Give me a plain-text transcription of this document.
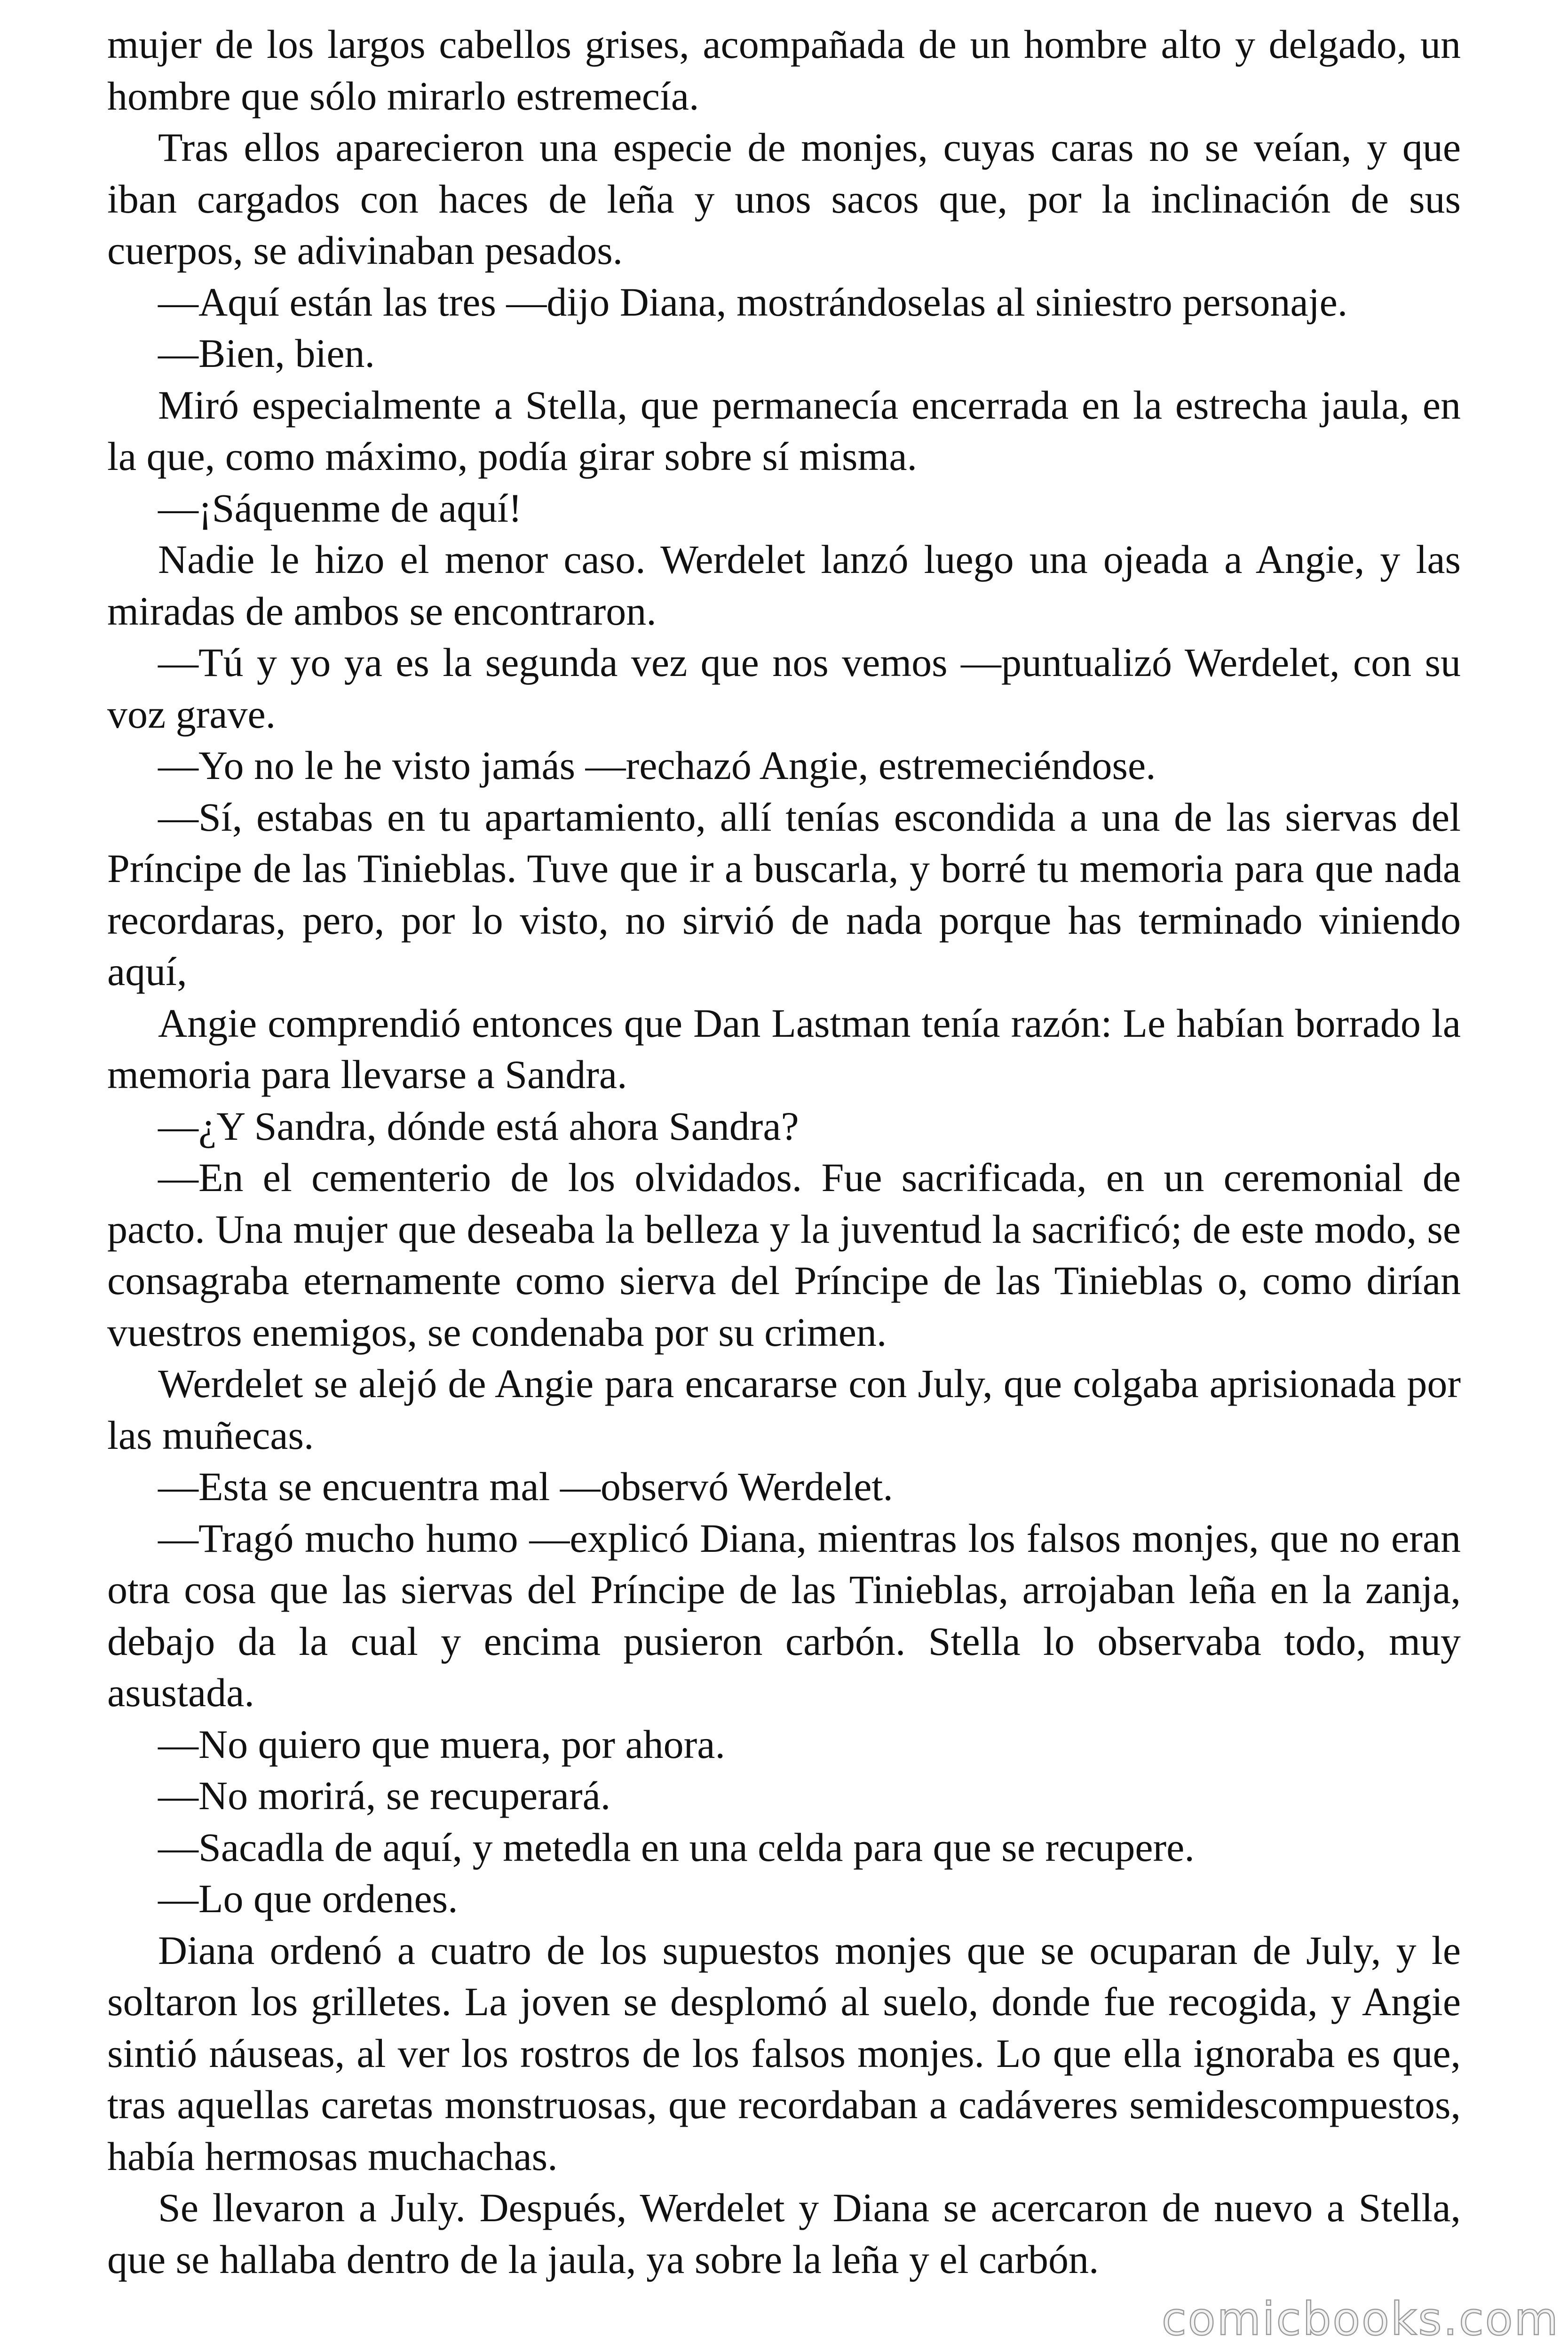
mujer de los largos cabellos grises, acompañada de un hombre alto y delgado, un hombre que sólo mirarlo estremecía.

Tras ellos aparecieron una especie de monjes, cuyas caras no se veían, y que iban cargados con haces de leña y unos sacos que, por la inclinación de sus cuerpos, se adivinaban pesados.

—Aquí están las tres —dijo Diana, mostrándoselas al siniestro personaje.

—Bien, bien.

Miró especialmente a Stella, que permanecía encerrada en la estrecha jaula, en la que, como máximo, podía girar sobre sí misma.

—¡Sáquenme de aquí!

Nadie le hizo el menor caso. Werdelet lanzó luego una ojeada a Angie, y las miradas de ambos se encontraron.

—Tú y yo ya es la segunda vez que nos vemos —puntualizó Werdelet, con su voz grave.

—Yo no le he visto jamás —rechazó Angie, estremeciéndose.

—Sí, estabas en tu apartamiento, allí tenías escondida a una de las siervas del Príncipe de las Tinieblas. Tuve que ir a buscarla, y borré tu memoria para que nada recordaras, pero, por lo visto, no sirvió de nada porque has terminado viniendo aquí,

Angie comprendió entonces que Dan Lastman tenía razón: Le habían borrado la memoria para llevarse a Sandra.

—¿Y Sandra, dónde está ahora Sandra?

—En el cementerio de los olvidados. Fue sacrificada, en un ceremonial de pacto. Una mujer que deseaba la belleza y la juventud la sacrificó; de este modo, se consagraba eternamente como sierva del Príncipe de las Tinieblas o, como dirían vuestros enemigos, se condenaba por su crimen.

Werdelet se alejó de Angie para encararse con July, que colgaba aprisionada por las muñecas.

—Esta se encuentra mal —observó Werdelet.

—Tragó mucho humo —explicó Diana, mientras los falsos monjes, que no eran otra cosa que las siervas del Príncipe de las Tinieblas, arrojaban leña en la zanja, debajo da la cual y encima pusieron carbón. Stella lo observaba todo, muy asustada.

—No quiero que muera, por ahora.

—No morirá, se recuperará.

—Sacadla de aquí, y metedla en una celda para que se recupere.

—Lo que ordenes.

Diana ordenó a cuatro de los supuestos monjes que se ocuparan de July, y le soltaron los grilletes. La joven se desplomó al suelo, donde fue recogida, y Angie sintió náuseas, al ver los rostros de los falsos monjes. Lo que ella ignoraba es que, tras aquellas caretas monstruosas, que recordaban a cadáveres semidescompuestos, había hermosas muchachas.

Se llevaron a July. Después, Werdelet y Diana se acercaron de nuevo a Stella, que se hallaba dentro de la jaula, ya sobre la leña y el carbón.

comicbooks.com
